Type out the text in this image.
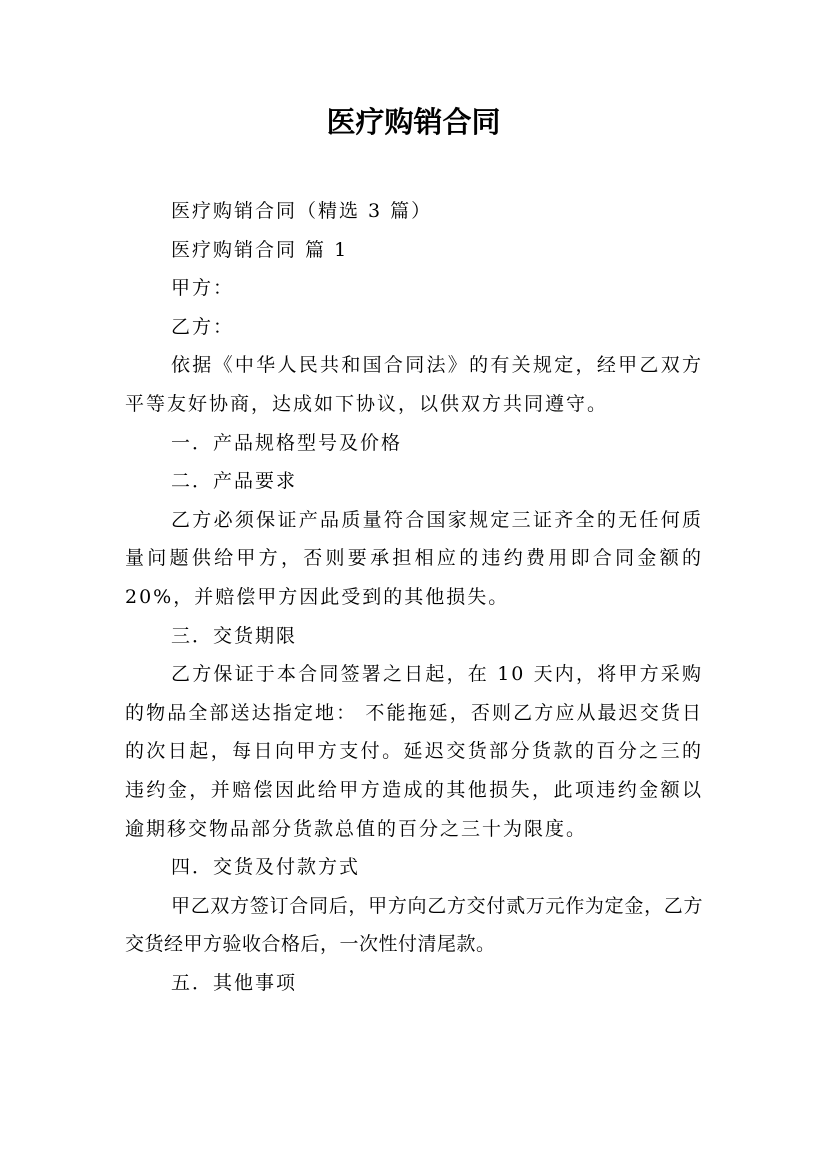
医疗购销合同

医疗购销合同（精选 3 篇）

医疗购销合同 篇 1

甲方：

乙方：

依据《中华人民共和国合同法》的有关规定，经甲乙双方平等友好协商，达成如下协议，以供双方共同遵守。

一．产品规格型号及价格

二．产品要求

乙方必须保证产品质量符合国家规定三证齐全的无任何质量问题供给甲方，否则要承担相应的违约费用即合同金额的 20%，并赔偿甲方因此受到的其他损失。

三．交货期限

乙方保证于本合同签署之日起，在 10 天内，将甲方采购的物品全部送达指定地： 不能拖延，否则乙方应从最迟交货日的次日起，每日向甲方支付。延迟交货部分货款的百分之三的违约金，并赔偿因此给甲方造成的其他损失，此项违约金额以逾期移交物品部分货款总值的百分之三十为限度。

四．交货及付款方式

甲乙双方签订合同后，甲方向乙方交付贰万元作为定金，乙方交货经甲方验收合格后，一次性付清尾款。

五．其他事项
